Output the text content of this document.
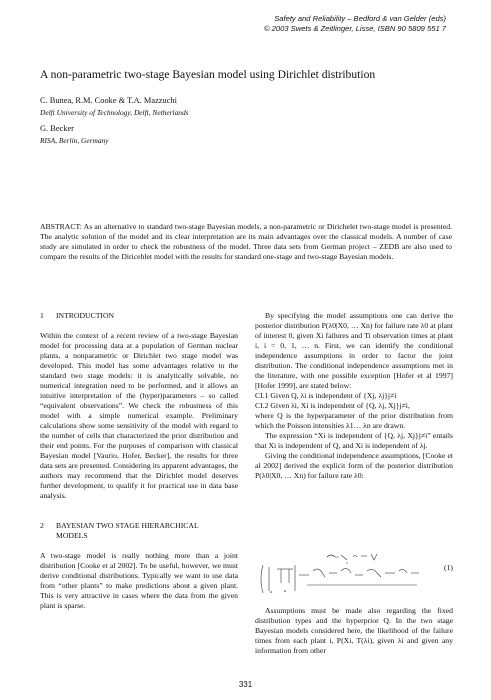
Safety and Reliability – Bedford & van Gelder (eds)
© 2003 Swets & Zeitlinger, Lisse, ISBN 90 5809 551 7
A non-parametric two-stage Bayesian model using Dirichlet distribution
C. Bunea, R.M. Cooke & T.A. Mazzuchi
Delft University of Technology, Delft, Netherlands
G. Becker
RISA, Berlin, Germany
ABSTRACT: As an alternative to standard two-stage Bayesian models, a non-parametric or Dirichelet two-stage model is presented. The analytic solution of the model and its clear interpretation are its main advantages over the classical models. A number of case study are simulated in order to check the robustness of the model. Three data sets from German project – ZEDB are also used to compare the results of the Diricehlet model with the results for standard one-stage and two-stage Bayesian models.
1 INTRODUCTION

Within the context of a recent review of a two-stage Bayesian model for processing data at a population of German nuclear plants, a nonparametric or Dirichlet two stage model was developed. This model has some advantages relative to the standard two stage models: it is analytically solvable, no numerical integration need to be performed, and it allows an intuitive interpretation of the (hyper)parameters – so called “equivalent observations”. We check the robustness of this model with a simple numerical example. Preliminary calculations show some sensitivity of the model with regard to the number of cells that characterized the prior distribution and their end points. For the purposes of comparison with classical Bayesian model [Vaurio, Hofer, Becker], the results for three data sets are presented. Considering its apparent advantages, the authors may recommend that the Dirichlet model deserves further development, to qualify it for practical use in data base analysis.

2 BAYESIAN TWO STAGE HIERARCHICAL
MODELS

A two-stage model is really nothing more than a joint distribution [Cooke et al 2002]. To be useful, however, we must derive conditional distributions. Typically we want to use data from “other plants” to make predictions about a given plant. This is very attractive in cases where the data from the given plant is sparse.

By specifying the model assumptions one can derive the posterior distribution P(λ0|X0, … Xn) for failure rate λ0 at plant of interest 0, given Xi failures and Ti observation times at plant i, i = 0, 1, … n. First, we can identify the conditional independence assumptions in order to factor the joint distribution. The conditional independence assumptions met in the literature, with one possible exception [Hofer et al 1997][Hofer 1999], are stated below:

CI.1 Given Q, λi is independent of {Xj, λj}j≠i

CI.2 Given λi, Xi is independent of {Q, λj, Xj}j≠i,

where Q is the hyperparameter of the prior distribution from which the Poisson intensities λ1… λn are drawn.

The expression “Xi is independent of {Q, λj, Xj}j≠i” entails that Xi is independent of Q, and Xi is independent of λj.

Giving the conditional independence assumptions, [Cooke et al 2002] derived the explicit form of the posterior distribution P(λ0|X0, … Xn) for failure rate λ0:

(1)

Assumptions must be made also regarding the fixed distribution types and the hyperprior Q. In the two stage Bayesian models considered here, the likelihood of the failure times from each plant i, P(Xi, T(λi), given λi and given any information from other

331
